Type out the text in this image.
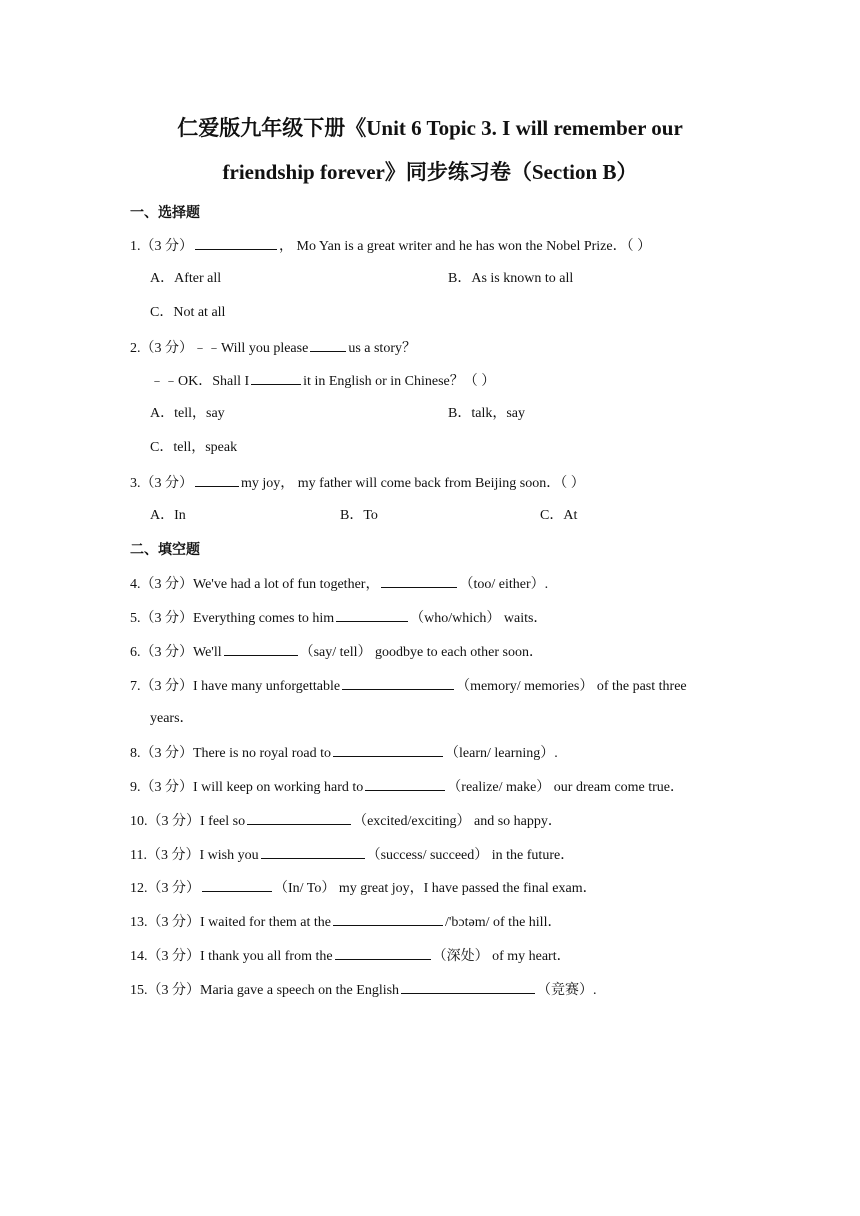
仁爱版九年级下册《Unit 6 Topic 3. I will remember our
friendship forever》同步练习卷（Section B）
一、选择题
1.（3 分）	， Mo Yan is a great writer and he has won the Nobel Prize．（ ）
A．After all	B．As is known to all
C．Not at all
2.（3 分）﹣﹣Will you please	us a story？
﹣﹣OK．Shall I	it in English or in Chinese？（ ）
A．tell，say	B．talk，say
C．tell，speak
3.（3 分）	my joy， my father will come back from Beijing soon．（ ）
A．In	B．To	C．At
二、填空题
4.（3 分）We've had a lot of fun together，	（too/ either）.
5.（3 分）Everything comes to him	（who/which） waits．
6.（3 分）We'll	（say/ tell） goodbye to each other soon．
7.（3 分）I have many unforgettable	（memory/ memories） of the past three
years．
8.（3 分）There is no royal road to	（learn/ learning）.
9.（3 分）I will keep on working hard to	（realize/ make） our dream come true．
10.（3 分）I feel so	（excited/exciting） and so happy．
11.（3 分）I wish you	（success/ succeed） in the future．
12.（3 分）	（In/ To） my great joy，I have passed the final exam．
13.（3 分）I waited for them at the	/'bɔtəm/ of the hill．
14.（3 分）I thank you all from the	（深处） of my heart．
15.（3 分）Maria gave a speech on the English	（竞赛）.
